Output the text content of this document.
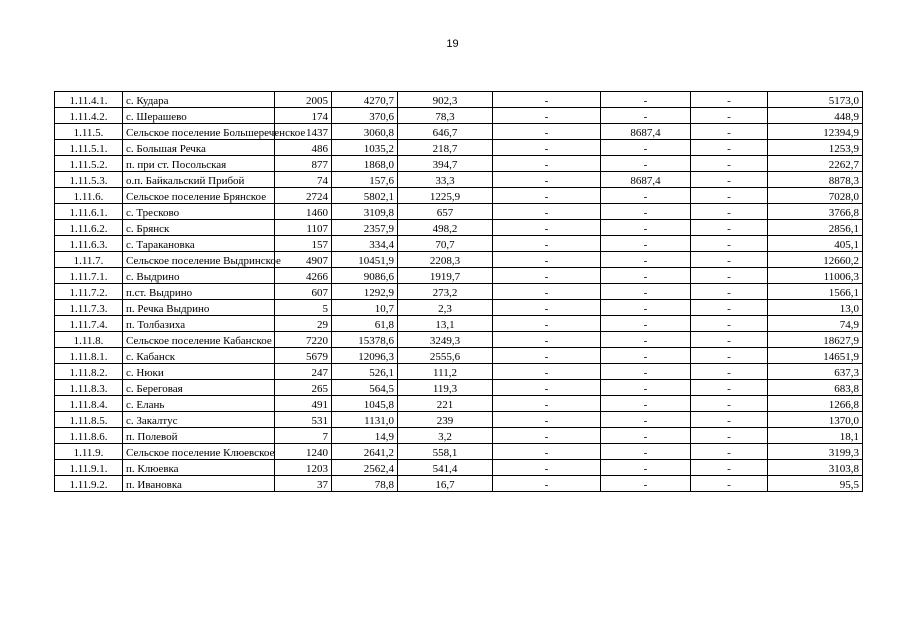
19
1.11.4.1.	с. Кудара	2005	4270,7	902,3	-	-	-	5173,0
1.11.4.2.	с. Шерашево	174	370,6	78,3	-	-	-	448,9
1.11.5.	Сельское поселение Большереченское	1437	3060,8	646,7	-	8687,4	-	12394,9
1.11.5.1.	с. Большая Речка	486	1035,2	218,7	-	-	-	1253,9
1.11.5.2.	п. при ст. Посольская	877	1868,0	394,7	-	-	-	2262,7
1.11.5.3.	о.п. Байкальский Прибой	74	157,6	33,3	-	8687,4	-	8878,3
1.11.6.	Сельское поселение Брянское	2724	5802,1	1225,9	-	-	-	7028,0
1.11.6.1.	с. Тресково	1460	3109,8	657	-	-	-	3766,8
1.11.6.2.	с. Брянск	1107	2357,9	498,2	-	-	-	2856,1
1.11.6.3.	с. Таракановка	157	334,4	70,7	-	-	-	405,1
1.11.7.	Сельское поселение Выдринское	4907	10451,9	2208,3	-	-	-	12660,2
1.11.7.1.	с. Выдрино	4266	9086,6	1919,7	-	-	-	11006,3
1.11.7.2.	п.ст. Выдрино	607	1292,9	273,2	-	-	-	1566,1
1.11.7.3.	п. Речка Выдрино	5	10,7	2,3	-	-	-	13,0
1.11.7.4.	п. Толбазиха	29	61,8	13,1	-	-	-	74,9
1.11.8.	Сельское поселение Кабанское	7220	15378,6	3249,3	-	-	-	18627,9
1.11.8.1.	с. Кабанск	5679	12096,3	2555,6	-	-	-	14651,9
1.11.8.2.	с. Нюки	247	526,1	111,2	-	-	-	637,3
1.11.8.3.	с. Береговая	265	564,5	119,3	-	-	-	683,8
1.11.8.4.	с. Елань	491	1045,8	221	-	-	-	1266,8
1.11.8.5.	с. Закалтус	531	1131,0	239	-	-	-	1370,0
1.11.8.6.	п. Полевой	7	14,9	3,2	-	-	-	18,1
1.11.9.	Сельское поселение Клюевское	1240	2641,2	558,1	-	-	-	3199,3
1.11.9.1.	п. Клюевка	1203	2562,4	541,4	-	-	-	3103,8
1.11.9.2.	п. Ивановка	37	78,8	16,7	-	-	-	95,5
